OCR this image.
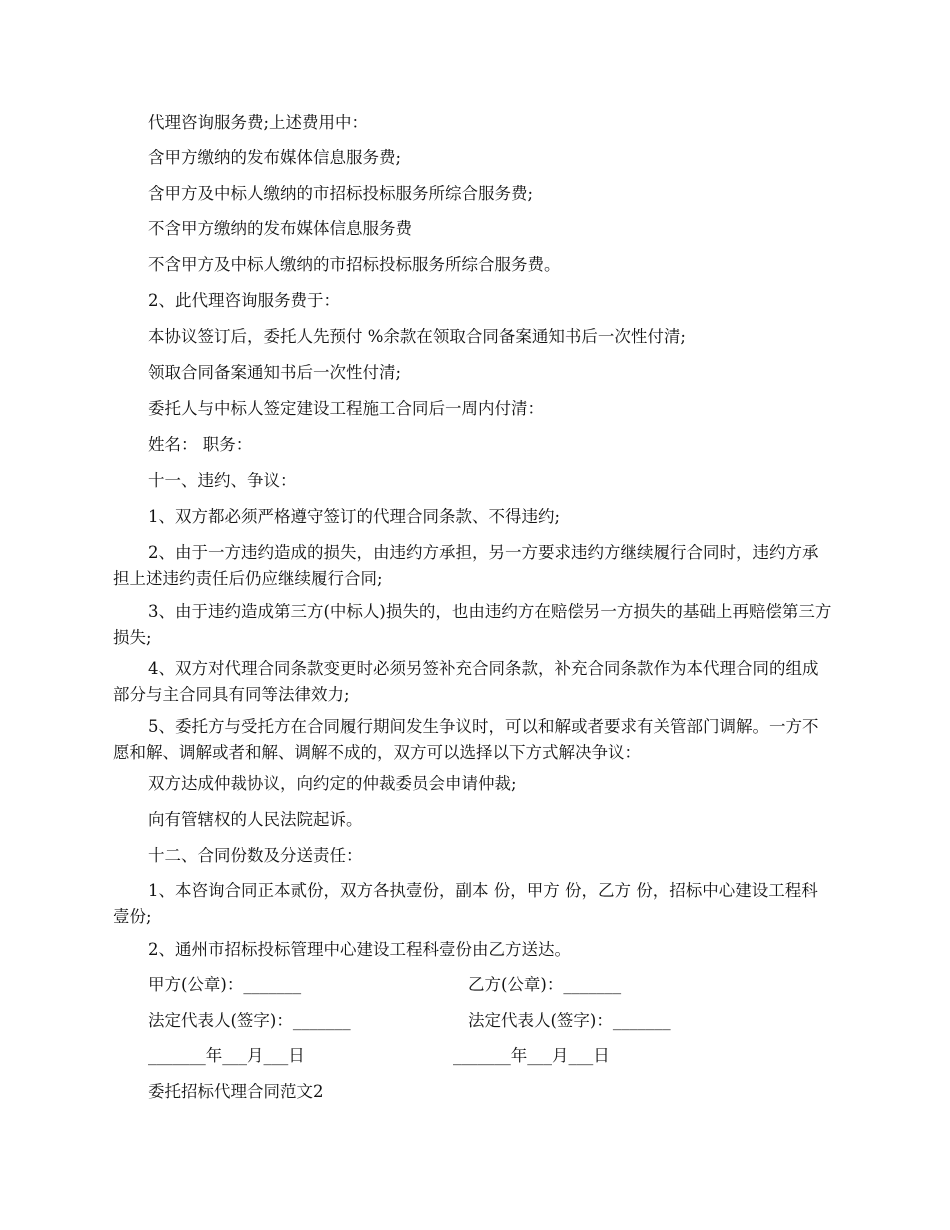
代理咨询服务费;上述费用中：

含甲方缴纳的发布媒体信息服务费;

含甲方及中标人缴纳的市招标投标服务所综合服务费;

不含甲方缴纳的发布媒体信息服务费

不含甲方及中标人缴纳的市招标投标服务所综合服务费。

2、此代理咨询服务费于：

本协议签订后，委托人先预付 %余款在领取合同备案通知书后一次性付清;

领取合同备案通知书后一次性付清;

委托人与中标人签定建设工程施工合同后一周内付清：

姓名： 职务：

十一、违约、争议：

1、双方都必须严格遵守签订的代理合同条款、不得违约;

2、由于一方违约造成的损失，由违约方承担，另一方要求违约方继续履行合同时，违约方承担上述违约责任后仍应继续履行合同;

3、由于违约造成第三方(中标人)损失的，也由违约方在赔偿另一方损失的基础上再赔偿第三方损失;

4、双方对代理合同条款变更时必须另签补充合同条款，补充合同条款作为本代理合同的组成部分与主合同具有同等法律效力;

5、委托方与受托方在合同履行期间发生争议时，可以和解或者要求有关管部门调解。一方不愿和解、调解或者和解、调解不成的，双方可以选择以下方式解决争议：

双方达成仲裁协议，向约定的仲裁委员会申请仲裁;

向有管辖权的人民法院起诉。

十二、合同份数及分送责任：

1、本咨询合同正本贰份，双方各执壹份，副本 份，甲方 份，乙方 份，招标中心建设工程科壹份;

2、通州市招标投标管理中心建设工程科壹份由乙方送达。

甲方(公章)：_______	乙方(公章)：_______
法定代表人(签字)：_______	法定代表人(签字)：_______
_______年___月___日	_______年___月___日

委托招标代理合同范文2
